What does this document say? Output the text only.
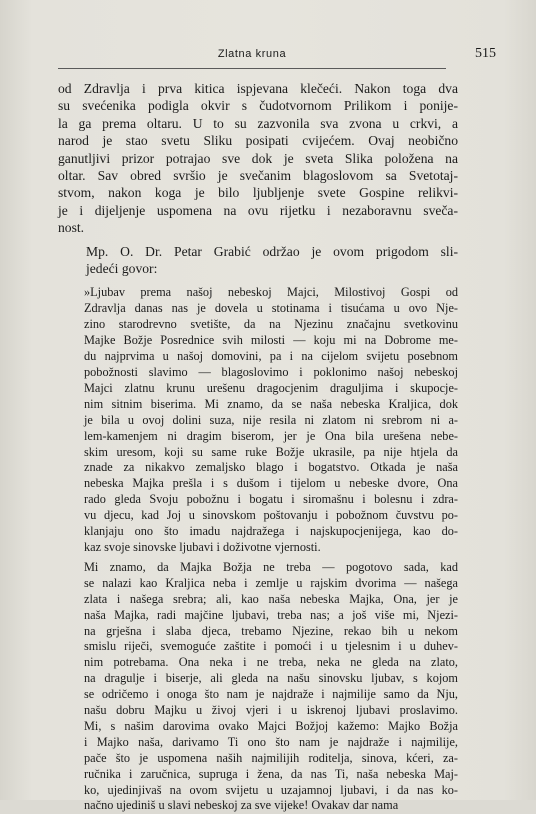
Zlatna kruna	515

od Zdravlja i prva kitica ispjevana klečeći. Nakon toga dva
su svećenika podigla okvir s čudotvornom Prilikom i ponije-
la ga prema oltaru. U to su zazvonila sva zvona u crkvi, a
narod je stao svetu Sliku posipati cvijećem. Ovaj neobično
ganutljivi prizor potrajao sve dok je sveta Slika položena na
oltar. Sav obred svršio je svečanim blagoslovom sa Svetotaj-
stvom, nakon koga je bilo ljubljenje svete Gospine relikvi-
je i dijeljenje uspomena na ovu rijetku i nezaboravnu sveča-
nost.

Mp. O. Dr. Petar Grabić održao je ovom prigodom sli-
jedeći govor:

»Ljubav prema našoj nebeskoj Majci, Milostivoj Gospi od
Zdravlja danas nas je dovela u stotinama i tisućama u ovo Nje-
zino starodrevno svetište, da na Njezinu značajnu svetkovinu
Majke Božje Posrednice svih milosti — koju mi na Dobrome me-
du najprvima u našoj domovini, pa i na cijelom svijetu posebnom
pobožnosti slavimo — blagoslovimo i poklonimo našoj nebeskoj
Majci zlatnu krunu urešenu dragocjenim draguljima i skupocje-
nim sitnim biserima. Mi znamo, da se naša nebeska Kraljica, dok
je bila u ovoj dolini suza, nije resila ni zlatom ni srebrom ni a-
lem-kamenjem ni dragim biserom, jer je Ona bila urešena nebe-
skim uresom, koji su same ruke Božje ukrasile, pa nije htjela da
znade za nikakvo zemaljsko blago i bogatstvo. Otkada je naša
nebeska Majka prešla i s dušom i tijelom u nebeske dvore, Ona
rado gleda Svoju pobožnu i bogatu i siromašnu i bolesnu i zdra-
vu djecu, kad Joj u sinovskom poštovanju i pobožnom čuvstvu po-
klanjaju ono što imadu najdražega i najskupocjenijega, kao do-
kaz svoje sinovske ljubavi i doživotne vjernosti.

Mi znamo, da Majka Božja ne treba — pogotovo sada, kad
se nalazi kao Kraljica neba i zemlje u rajskim dvorima — našega
zlata i našega srebra; ali, kao naša nebeska Majka, Ona, jer je
naša Majka, radi majčine ljubavi, treba nas; a još više mi, Njezi-
na grješna i slaba djeca, trebamo Njezine, rekao bih u nekom
smislu riječi, svemoguće zaštite i pomoći i u tjelesnim i u duhev-
nim potrebama. Ona neka i ne treba, neka ne gleda na zlato,
na dragulje i biserje, ali gleda na našu sinovsku ljubav, s kojom
se odričemo i onoga što nam je najdraže i najmilije samo da Nju,
našu dobru Majku u živoj vjeri i u iskrenoj ljubavi proslavimo.
Mi, s našim darovima ovako Majci Božjoj kažemo: Majko Božja
i Majko naša, darivamo Ti ono što nam je najdraže i najmilije,
pače što je uspomena naših najmilijih roditelja, sinova, kćeri, za-
ručnika i zaručnica, supruga i žena, da nas Ti, naša nebeska Maj-
ko, ujedinjivaš na ovom svijetu u uzajamnoj ljubavi, i da nas ko-
načno ujediniš u slavi nebeskoj za sve vijeke! Ovakav dar nama
